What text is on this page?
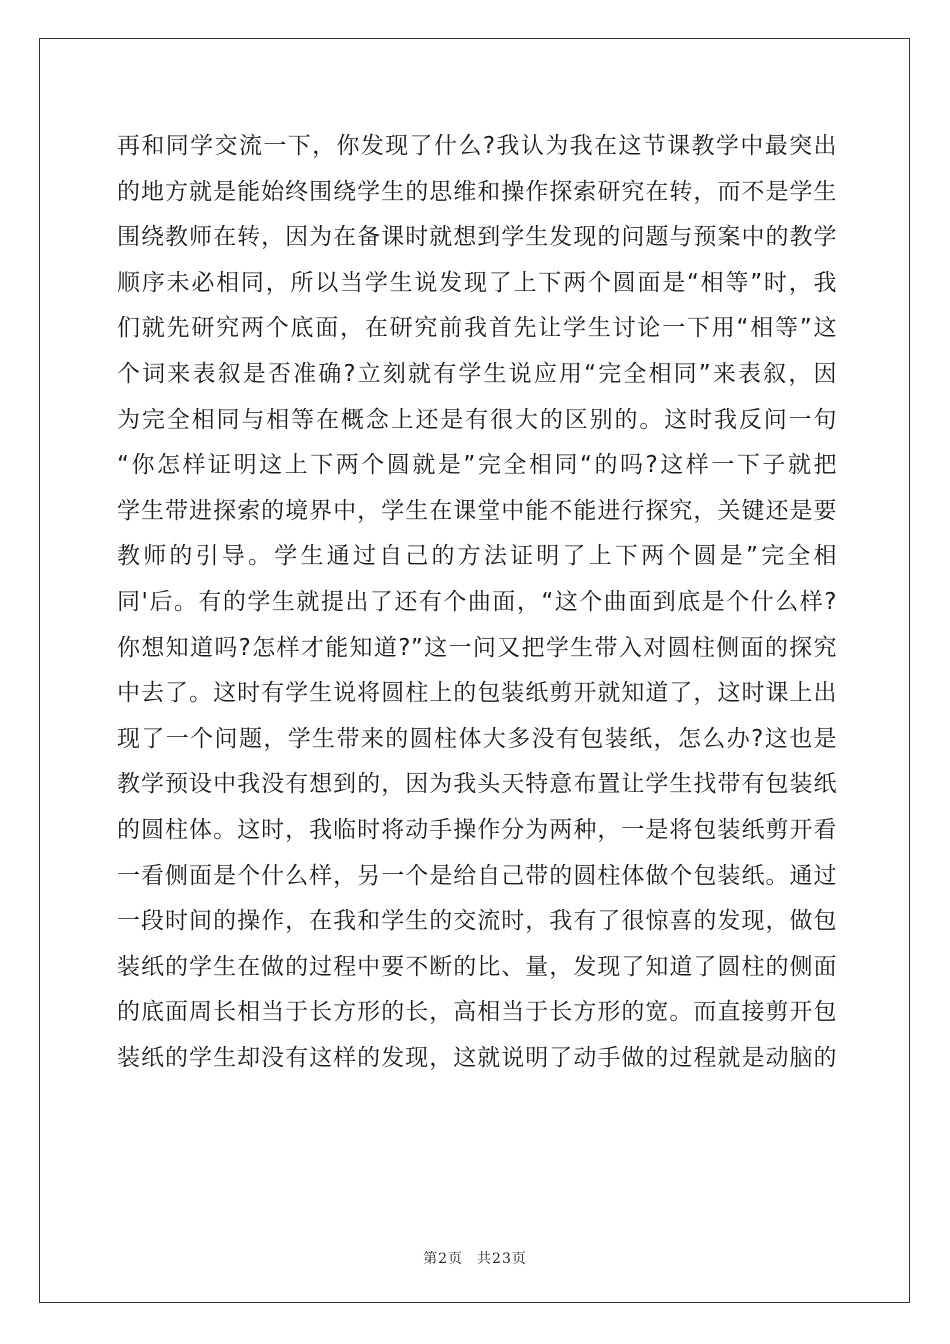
再和同学交流一下，你发现了什么?我认为我在这节课教学中最突出
的地方就是能始终围绕学生的思维和操作探索研究在转，而不是学生
围绕教师在转，因为在备课时就想到学生发现的问题与预案中的教学
顺序未必相同，所以当学生说发现了上下两个圆面是“相等”时，我
们就先研究两个底面，在研究前我首先让学生讨论一下用“相等”这
个词来表叙是否准确?立刻就有学生说应用“完全相同”来表叙，因
为完全相同与相等在概念上还是有很大的区别的。这时我反问一句
“你怎样证明这上下两个圆就是”完全相同“的吗?这样一下子就把
学生带进探索的境界中，学生在课堂中能不能进行探究，关键还是要
教师的引导。学生通过自己的方法证明了上下两个圆是”完全相
同'后。有的学生就提出了还有个曲面，“这个曲面到底是个什么样?
你想知道吗?怎样才能知道?”这一问又把学生带入对圆柱侧面的探究
中去了。这时有学生说将圆柱上的包装纸剪开就知道了，这时课上出
现了一个问题，学生带来的圆柱体大多没有包装纸，怎么办?这也是
教学预设中我没有想到的，因为我头天特意布置让学生找带有包装纸
的圆柱体。这时，我临时将动手操作分为两种，一是将包装纸剪开看
一看侧面是个什么样，另一个是给自己带的圆柱体做个包装纸。通过
一段时间的操作，在我和学生的交流时，我有了很惊喜的发现，做包
装纸的学生在做的过程中要不断的比、量，发现了知道了圆柱的侧面
的底面周长相当于长方形的长，高相当于长方形的宽。而直接剪开包
装纸的学生却没有这样的发现，这就说明了动手做的过程就是动脑的
第2页 共23页
